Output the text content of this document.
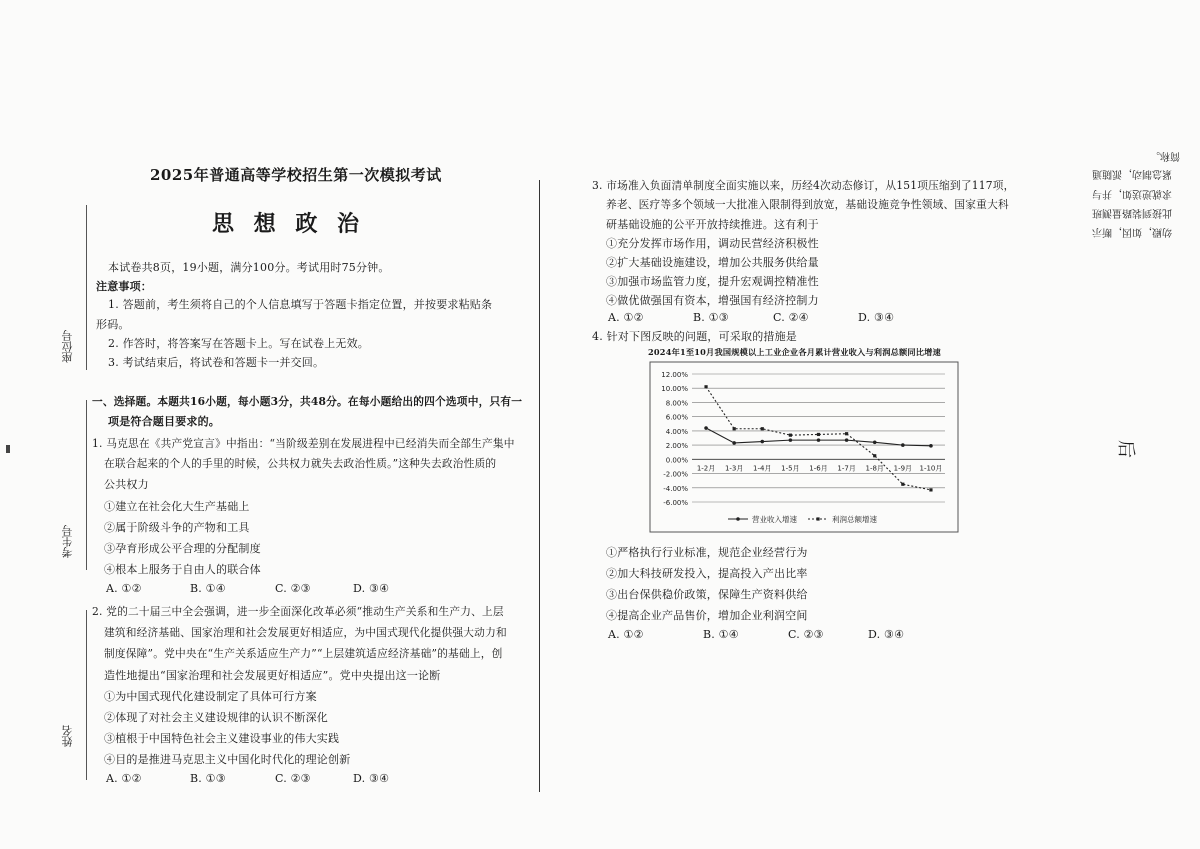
座位号
考生号
姓名
2025年普通高等学校招生第一次模拟考试
思 想 政 治
本试卷共8页，19小题，满分100分。考试用时75分钟。
注意事项：
1. 答题前，考生须将自己的个人信息填写于答题卡指定位置，并按要求粘贴条
形码。
2. 作答时，将答案写在答题卡上。写在试卷上无效。
3. 考试结束后，将试卷和答题卡一并交回。
一、选择题。本题共16小题，每小题3分，共48分。在每小题给出的四个选项中，只有一
项是符合题目要求的。
1. 马克思在《共产党宣言》中指出：“当阶级差别在发展进程中已经消失而全部生产集中
在联合起来的个人的手里的时候，公共权力就失去政治性质。”这种失去政治性质的
公共权力
①建立在社会化大生产基础上
②属于阶级斗争的产物和工具
③孕育形成公平合理的分配制度
④根本上服务于自由人的联合体
A. ①②	B. ①④	C. ②③	D. ③④
2. 党的二十届三中全会强调，进一步全面深化改革必须“推动生产关系和生产力、上层
建筑和经济基础、国家治理和社会发展更好相适应，为中国式现代化提供强大动力和
制度保障”。党中央在“生产关系适应生产力”“上层建筑适应经济基础”的基础上，创
造性地提出“国家治理和社会发展更好相适应”。党中央提出这一论断
①为中国式现代化建设制定了具体可行方案
②体现了对社会主义建设规律的认识不断深化
③植根于中国特色社会主义建设事业的伟大实践
④目的是推进马克思主义中国化时代化的理论创新
A. ①②	B. ①③	C. ②③	D. ③④
3. 市场准入负面清单制度全面实施以来，历经4次动态修订，从151项压缩到了117项，
养老、医疗等多个领域一大批准入限制得到放宽，基础设施竞争性领域、国家重大科
研基础设施的公平开放持续推进。这有利于
①充分发挥市场作用，调动民营经济积极性
②扩大基础设施建设，增加公共服务供给量
③加强市场监管力度，提升宏观调控精准性
④做优做强国有资本，增强国有经济控制力
A. ①②	B. ①③	C. ②④	D. ③④
4. 针对下图反映的问题，可采取的措施是
2024年1至10月我国规模以上工业企业各月累计营业收入与利润总额同比增速
12.00%
10.00%
8.00%
6.00%
4.00%
2.00%
0.00%
-2.00%
-4.00%
-6.00%
1-2月 1-3月 1-4月 1-5月 1-6月 1-7月 1-8月 1-9月 1-10月
营业收入增速	利润总额增速
①严格执行行业标准，规范企业经营行为
②加大科技研发投入，提高投入产出比率
③出台保供稳价政策，保障生产资料供给
④提高企业产品售价，增加企业利润空间
A. ①②	B. ①④	C. ②③	D. ③④
幼殿，如因，断示
此接到装路量测班
求就逆送如，并与
紧急制动，派随通
简称。
后
